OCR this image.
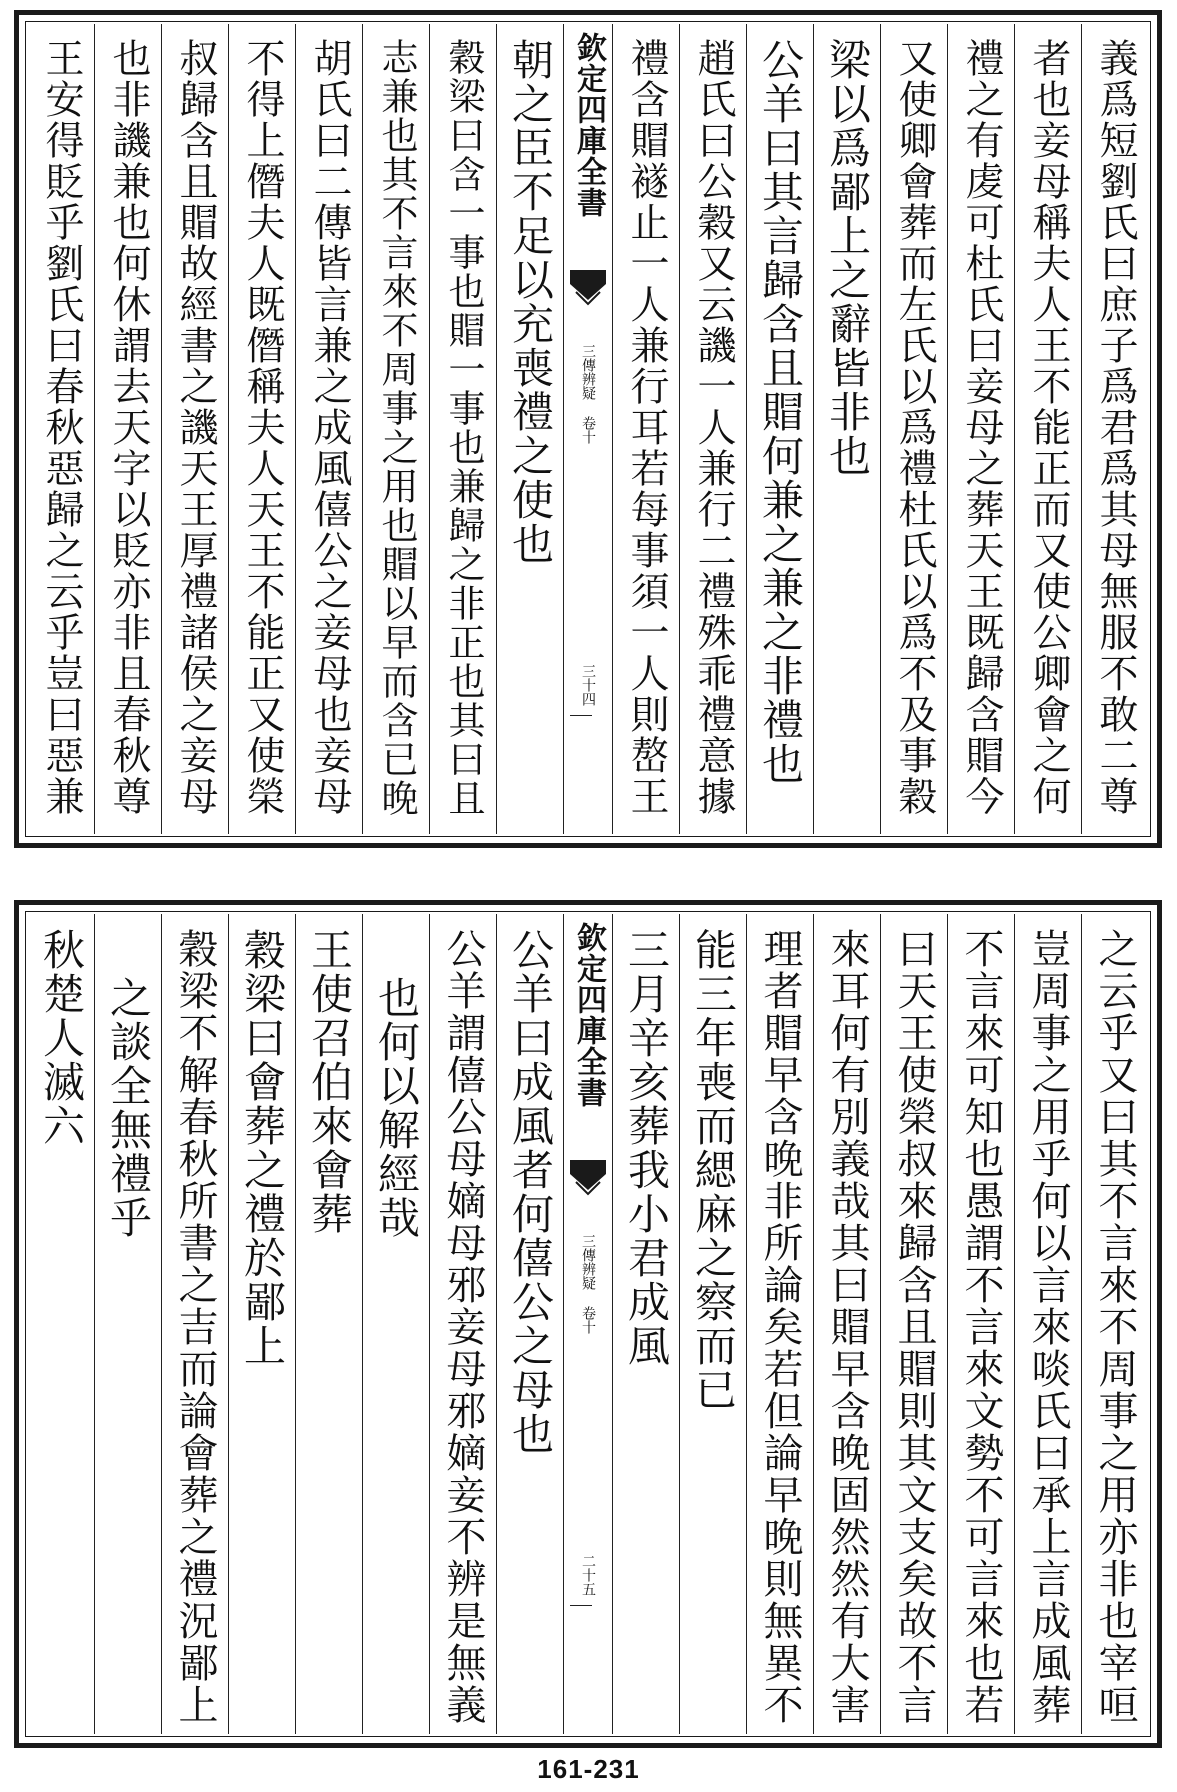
義爲短劉氏曰庶子爲君爲其母無服不敢二尊
者也妾母稱夫人王不能正而又使公卿會之何
禮之有䖍可杜氏曰妾母之葬天王既歸含賵今
又使卿會葬而左氏以爲禮杜氏以爲不及事穀
梁以爲鄙上之辭皆非也
公羊曰其言歸含且賵何兼之兼之非禮也
趙氏曰公穀又云譏一人兼行二禮殊乖禮意據
禮含賵襚止一人兼行耳若每事須一人則嶅王
欽定四庫全書
三傳辨疑 卷十
三十四
朝之臣不足以充喪禮之使也
穀梁曰含一事也賵一事也兼歸之非正也其曰且
志兼也其不言來不周事之用也賵以早而含已晚
胡氏曰二傳皆言兼之成風僖公之妾母也妾母
不得上僭夫人既僭稱夫人天王不能正又使榮
叔歸含且賵故經書之譏天王厚禮諸侯之妾母
也非譏兼也何休謂去天字以貶亦非且春秋尊
王安得貶乎劉氏曰春秋惡歸之云乎豈曰惡兼
之云乎又曰其不言來不周事之用亦非也宰咺
豈周事之用乎何以言來啖氏曰承上言成風葬
不言來可知也愚謂不言來文勢不可言來也若
曰天王使榮叔來歸含且賵則其文支矣故不言
來耳何有別義哉其曰賵早含晚固然然有大害
理者賵早含晚非所論矣若但論早晚則無異不
能三年喪而緦麻之察而已
三月辛亥葬我小君成風
欽定四庫全書
三傳辨疑 卷十
二十五
公羊曰成風者何僖公之母也
公羊謂僖公母嫡母邪妾母邪嫡妾不辨是無義
也何以解經哉
王使召伯來會葬
穀梁曰會葬之禮於鄙上
穀梁不解春秋所書之吉而論會葬之禮況鄙上
之談全無禮乎
秋楚人滅六
161-231
